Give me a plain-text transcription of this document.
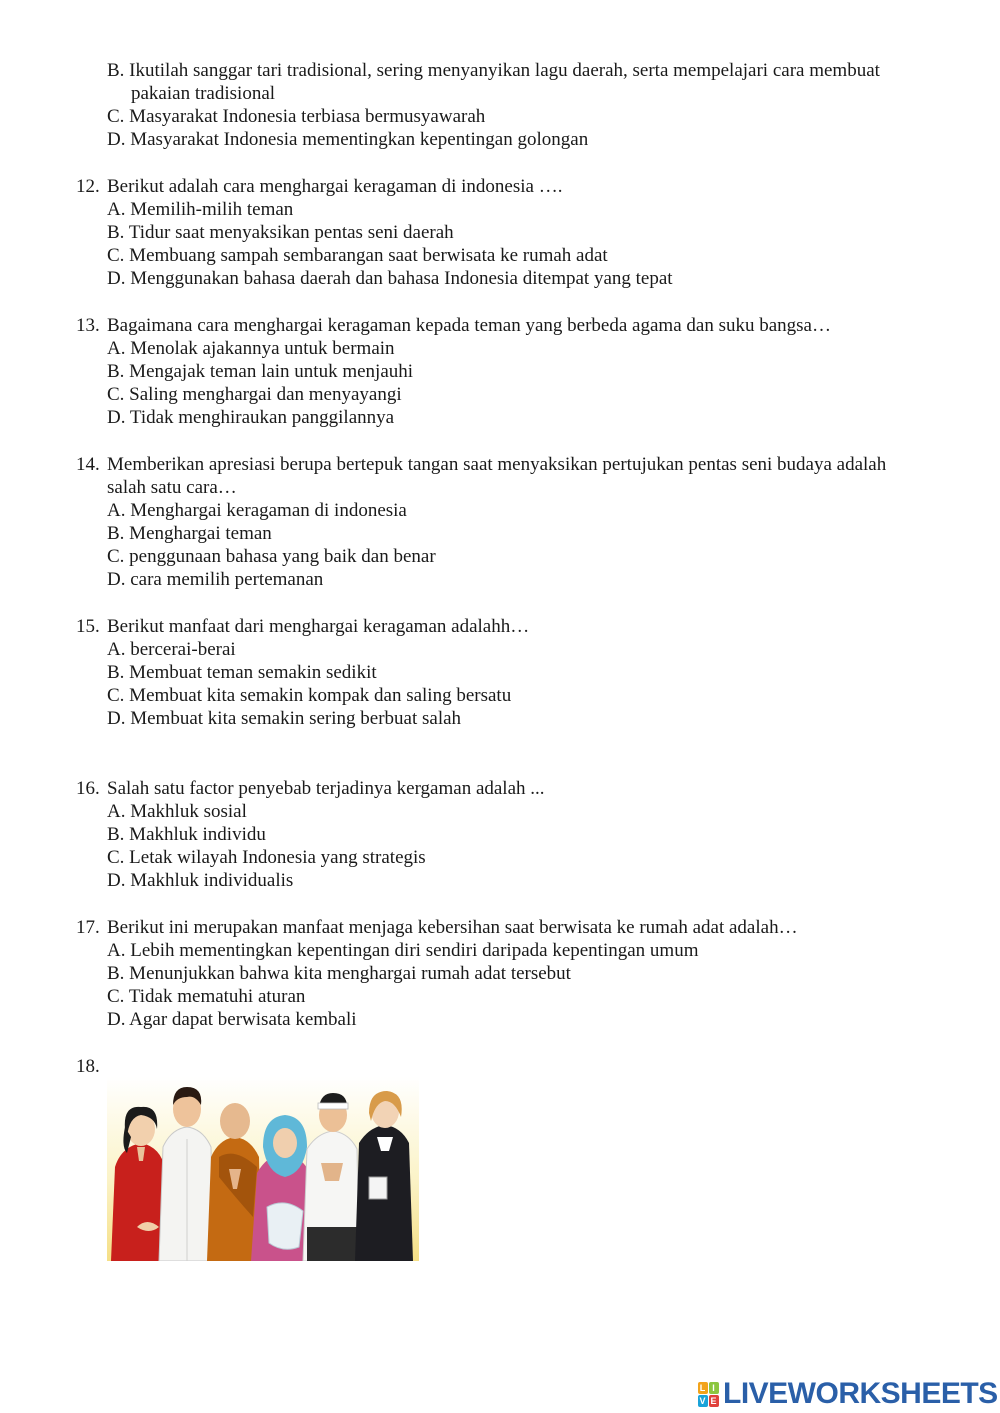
B. Ikutilah sanggar tari tradisional, sering menyanyikan lagu daerah, serta mempelajari cara membuat
pakaian tradisional
C. Masyarakat Indonesia terbiasa bermusyawarah
D. Masyarakat Indonesia mementingkan kepentingan golongan
12. Berikut adalah cara menghargai keragaman di indonesia ….
A. Memilih-milih teman
B. Tidur saat menyaksikan pentas seni daerah
C. Membuang sampah sembarangan saat berwisata ke rumah adat
D. Menggunakan bahasa daerah dan bahasa Indonesia ditempat yang tepat
13. Bagaimana cara menghargai keragaman kepada teman yang berbeda agama dan suku bangsa…
A. Menolak ajakannya untuk bermain
B. Mengajak teman lain untuk menjauhi
C. Saling menghargai dan menyayangi
D. Tidak menghiraukan panggilannya
14. Memberikan apresiasi berupa bertepuk tangan saat menyaksikan pertujukan pentas seni budaya adalah
salah satu cara…
A. Menghargai keragaman di indonesia
B. Menghargai teman
C. penggunaan bahasa yang baik dan benar
D. cara memilih pertemanan
15. Berikut manfaat dari menghargai keragaman adalahh…
A. bercerai-berai
B. Membuat teman semakin sedikit
C. Membuat kita semakin kompak dan saling bersatu
D. Membuat kita semakin sering berbuat salah
16. Salah satu factor penyebab terjadinya kergaman adalah ...
A. Makhluk sosial
B. Makhluk individu
C. Letak wilayah Indonesia yang strategis
D. Makhluk individualis
17. Berikut ini merupakan manfaat menjaga kebersihan saat berwisata ke rumah adat adalah…
A. Lebih mementingkan kepentingan diri sendiri daripada kepentingan umum
B. Menunjukkan bahwa kita menghargai rumah adat tersebut
C. Tidak mematuhi aturan
D. Agar dapat berwisata kembali
18.
L I
V E LIVEWORKSHEETS
